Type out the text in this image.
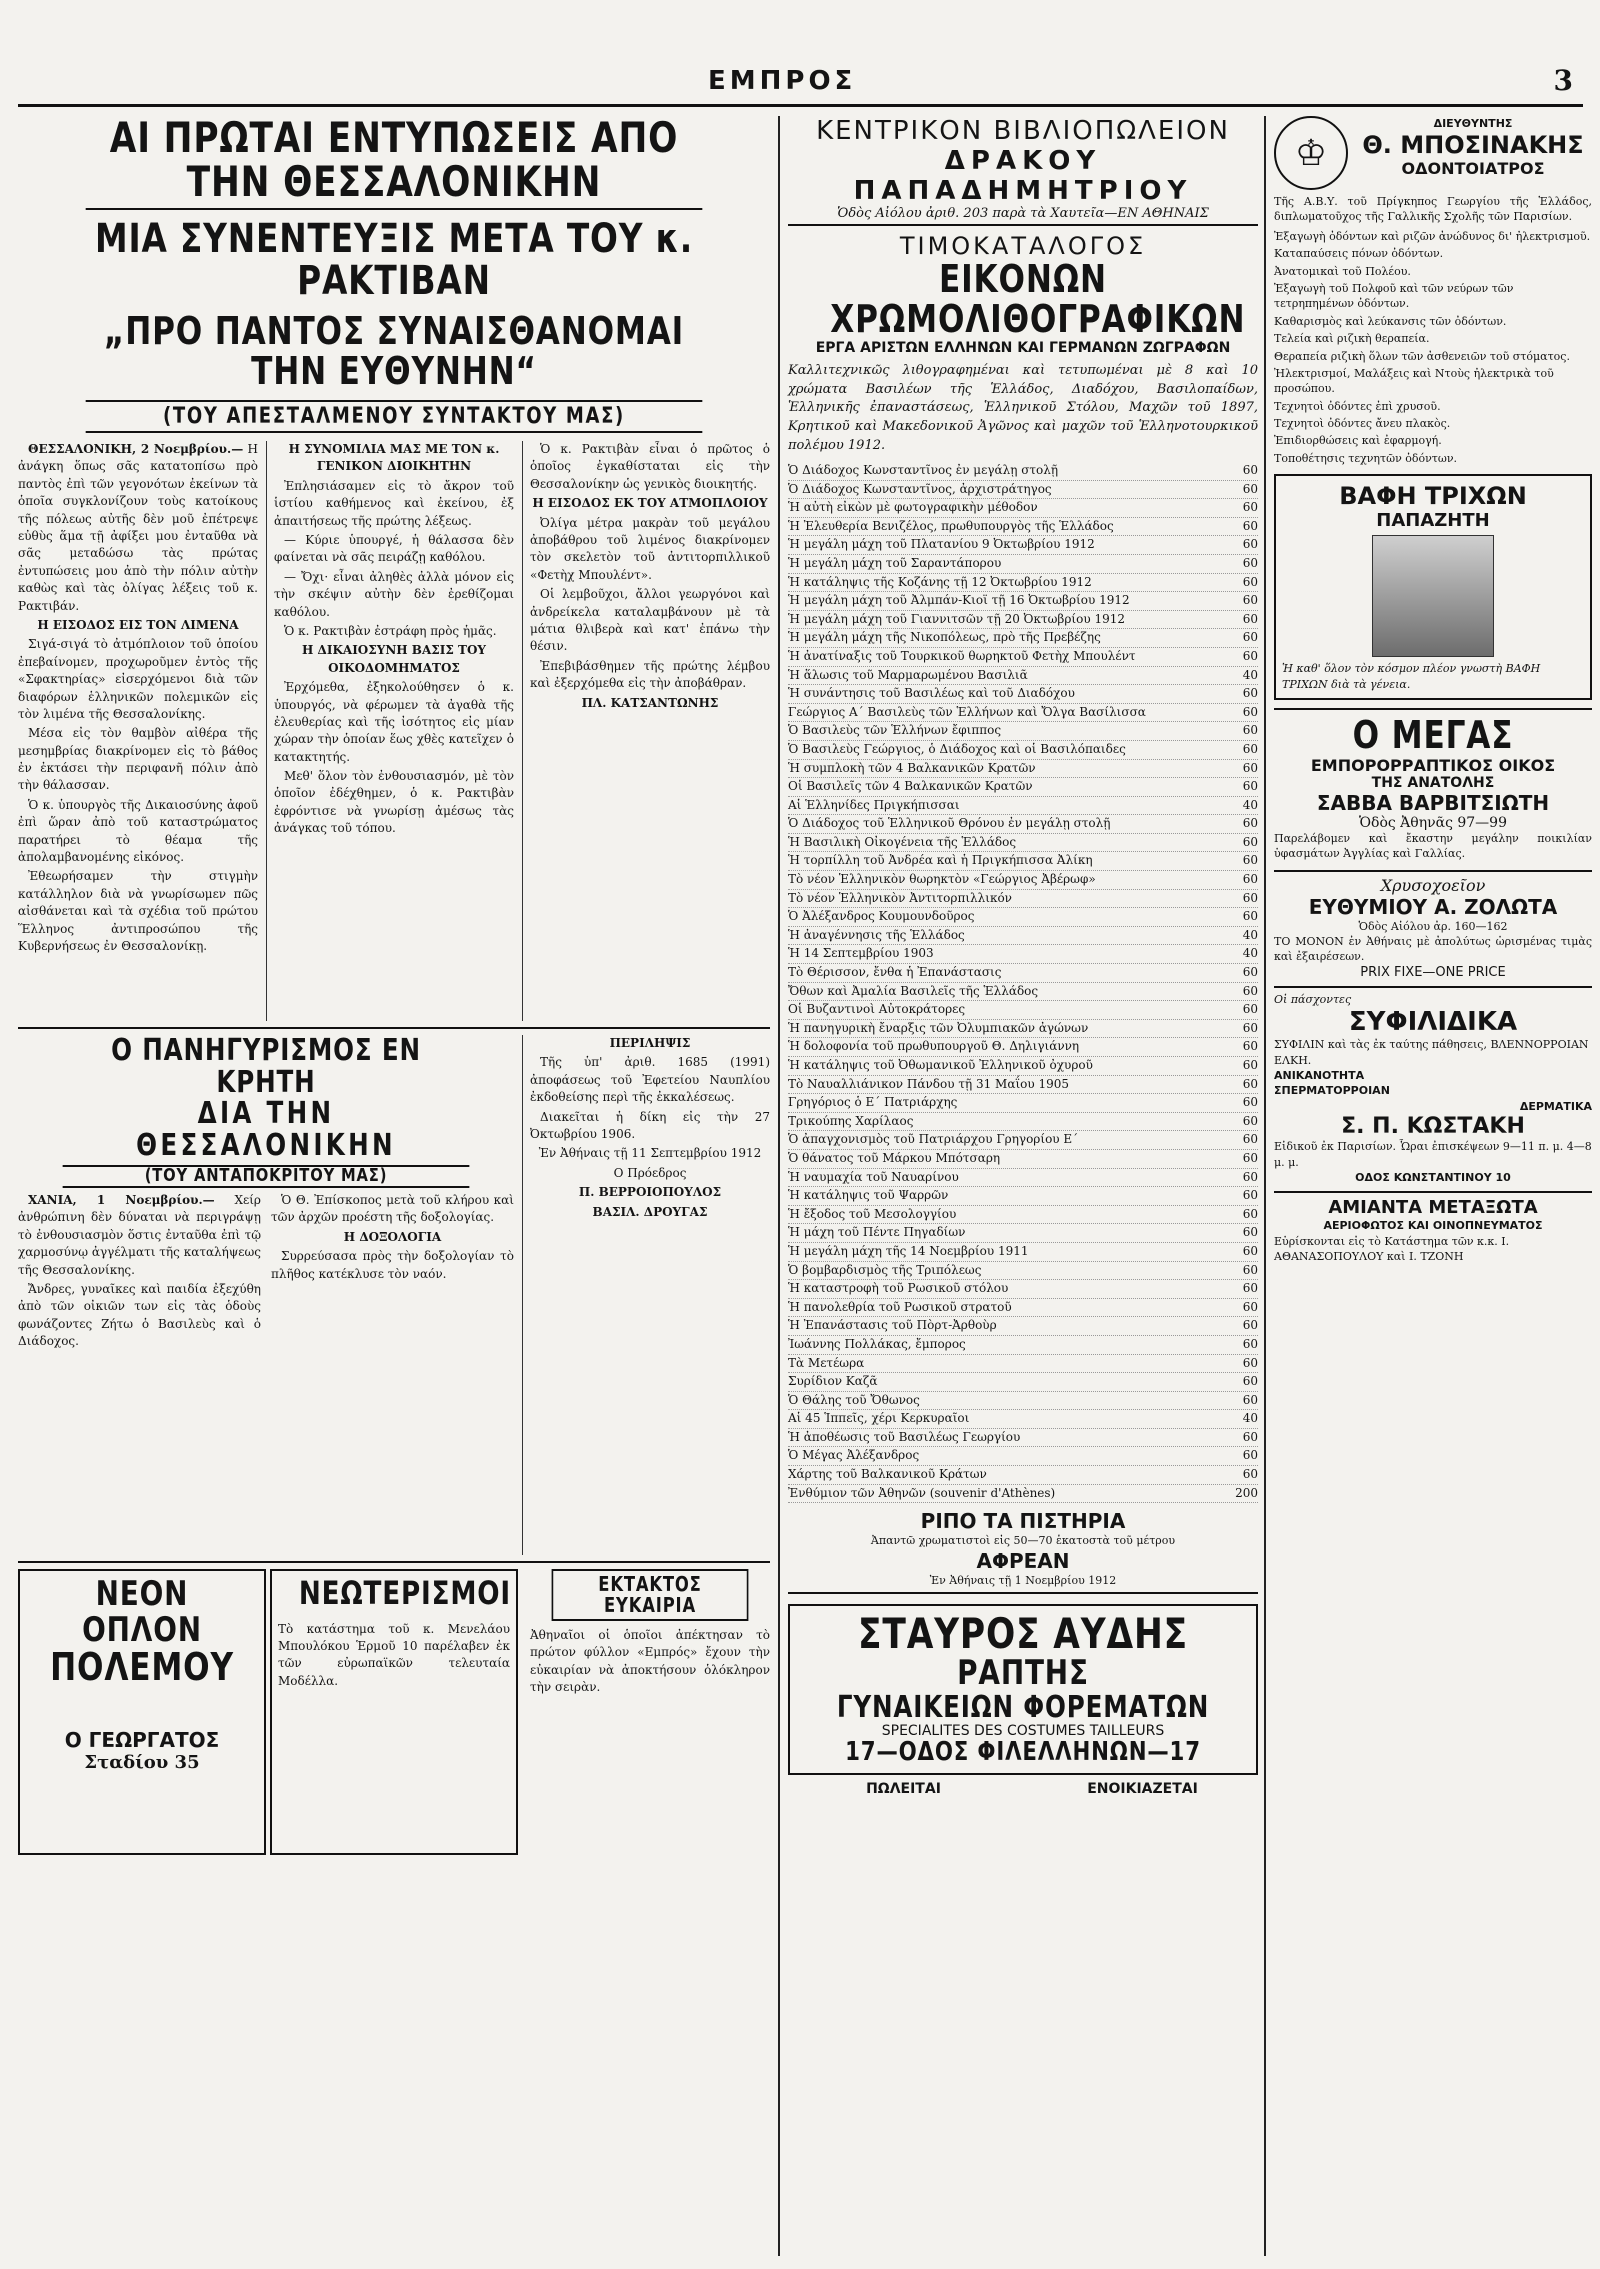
ΕΜΠΡΟΣ	3
ΑΙ ΠΡΩΤΑΙ ΕΝΤΥΠΩΣΕΙΣ ΑΠΟ ΤΗΝ ΘΕΣΣΑΛΟΝΙΚΗΝ
ΜΙΑ ΣΥΝΕΝΤΕΥΞΙΣ ΜΕΤΑ ΤΟΥ κ. ΡΑΚΤΙΒΑΝ
„ΠΡΟ ΠΑΝΤΟΣ ΣΥΝΑΙΣΘΑΝΟΜΑΙ ΤΗΝ ΕΥΘΥΝΗΝ“
(ΤΟΥ ΑΠΕΣΤΑΛΜΕΝΟΥ ΣΥΝΤΑΚΤΟΥ ΜΑΣ)

ΘΕΣΣΑΛΟΝΙΚΗ, 2 Νοεμβρίου.— Η ἀνάγκη ὅπως σᾶς κατατοπίσω πρὸ παντὸς ἐπὶ τῶν γεγονότων ἐκείνων τὰ ὁποῖα συγκλονίζουν τοὺς κατοίκους τῆς πόλεως αὐτῆς δὲν μοῦ ἐπέτρεψε εὐθὺς ἅμα τῇ ἀφίξει μου ἐνταῦθα νὰ σᾶς μεταδώσω τὰς πρώτας ἐντυπώσεις μου ἀπὸ τὴν πόλιν αὐτὴν καθὼς καὶ τὰς ὀλίγας λέξεις τοῦ κ. Ρακτιβάν.

Η ΕΙΣΟΔΟΣ ΕΙΣ ΤΟΝ ΛΙΜΕΝΑ

Σιγά-σιγά τὸ ἀτμόπλοιον τοῦ ὁποίου ἐπεβαίνομεν, προχωροῦμεν ἐντὸς τῆς «Σφακτηρίας» εἰσερχόμενοι διὰ τῶν διαφόρων ἑλληνικῶν πολεμικῶν εἰς τὸν λιμένα τῆς Θεσσαλονίκης.

Μέσα εἰς τὸν θαμβὸν αἰθέρα τῆς μεσημβρίας διακρίνομεν εἰς τὸ βάθος ἐν ἐκτάσει τὴν περιφανῆ πόλιν ἀπὸ τὴν θάλασσαν.

Ὁ κ. ὑπουργὸς τῆς Δικαιοσύνης ἀφοῦ ἐπὶ ὥραν ἀπὸ τοῦ καταστρώματος παρατήρει τὸ θέαμα τῆς ἀπολαμβανομένης εἰκόνος.

Ἐθεωρήσαμεν τὴν στιγμὴν κατάλληλον διὰ νὰ γνωρίσωμεν πῶς αἰσθάνεται καὶ τὰ σχέδια τοῦ πρώτου Ἕλληνος ἀντιπροσώπου τῆς Κυβερνήσεως ἐν Θεσσαλονίκῃ.

Η ΣΥΝΟΜΙΛΙΑ ΜΑΣ ΜΕ ΤΟΝ κ. ΓΕΝΙΚΟΝ ΔΙΟΙΚΗΤΗΝ

Ἐπλησιάσαμεν εἰς τὸ ἄκρον τοῦ ἱστίου καθήμενος καὶ ἐκείνου, ἐξ ἀπαιτήσεως τῆς πρώτης λέξεως.

— Κύριε ὑπουργέ, ἡ θάλασσα δὲν φαίνεται νὰ σᾶς πειράζῃ καθόλου.

— Ὄχι· εἶναι ἀληθὲς ἀλλὰ μόνον εἰς τὴν σκέψιν αὐτὴν δὲν ἐρεθίζομαι καθόλου.

Ὁ κ. Ρακτιβὰν ἐστράφη πρὸς ἡμᾶς.

Η ΔΙΚΑΙΟΣΥΝΗ ΒΑΣΙΣ ΤΟΥ ΟΙΚΟΔΟΜΗΜΑΤΟΣ

Ἐρχόμεθα, ἐξηκολούθησεν ὁ κ. ὑπουργός, νὰ φέρωμεν τὰ ἀγαθὰ τῆς ἐλευθερίας καὶ τῆς ἰσότητος εἰς μίαν χώραν τὴν ὁποίαν ἕως χθὲς κατεῖχεν ὁ κατακτητής.

Μεθ' ὅλον τὸν ἐνθουσιασμόν, μὲ τὸν ὁποῖον ἐδέχθημεν, ὁ κ. Ρακτιβὰν ἐφρόντισε νὰ γνωρίσῃ ἀμέσως τὰς ἀνάγκας τοῦ τόπου.

Ὁ κ. Ρακτιβὰν εἶναι ὁ πρῶτος ὁ ὁποῖος ἐγκαθίσταται εἰς τὴν Θεσσαλονίκην ὡς γενικὸς διοικητής.

Η ΕΙΣΟΔΟΣ ΕΚ ΤΟΥ ΑΤΜΟΠΛΟΙΟΥ

Ὀλίγα μέτρα μακρὰν τοῦ μεγάλου ἀποβάθρου τοῦ λιμένος διακρίνομεν τὸν σκελετὸν τοῦ ἀντιτορπιλλικοῦ «Φετὴχ Μπουλέντ».

Οἱ λεμβοῦχοι, ἄλλοι γεωργόνοι καὶ ἀνδρείκελα καταλαμβάνουν μὲ τὰ μάτια θλιβερὰ καὶ κατ' ἐπάνω τὴν θέσιν.

Ἐπεβιβάσθημεν τῆς πρώτης λέμβου καὶ ἐξερχόμεθα εἰς τὴν ἀποβάθραν.

ΠΛ. ΚΑΤΣΑΝΤΩΝΗΣ

Ο ΠΑΝΗΓΥΡΙΣΜΟΣ ΕΝ ΚΡΗΤΗ
ΔΙΑ ΤΗΝ ΘΕΣΣΑΛΟΝΙΚΗΝ
(ΤΟΥ ΑΝΤΑΠΟΚΡΙΤΟΥ ΜΑΣ)

ΧΑΝΙΑ, 1 Νοεμβρίου.— Χείρ ἀνθρώπινη δὲν δύναται νὰ περιγράψῃ τὸ ἐνθουσιασμὸν ὅστις ἐνταῦθα ἐπὶ τῷ χαρμοσύνῳ ἀγγέλματι τῆς καταλήψεως τῆς Θεσσαλονίκης.

Ἄνδρες, γυναῖκες καὶ παιδία ἐξεχύθη ἀπὸ τῶν οἰκιῶν των εἰς τὰς ὁδοὺς φωνάζοντες Ζήτω ὁ Βασιλεὺς καὶ ὁ Διάδοχος.

Ὁ Θ. Ἐπίσκοπος μετὰ τοῦ κλήρου καὶ τῶν ἀρχῶν προέστη τῆς δοξολογίας.

Η ΔΟΞΟΛΟΓΙΑ

Συρρεύσασα πρὸς τὴν δοξολογίαν τὸ πλῆθος κατέκλυσε τὸν ναόν.

ΠΕΡΙΛΗΨΙΣ

Τῆς ὑπ' ἀριθ. 1685 (1991) ἀποφάσεως τοῦ Ἐφετείου Ναυπλίου ἐκδοθείσης περὶ τῆς ἐκκαλέσεως.

Διακεῖται ἡ δίκη εἰς τὴν 27 Ὀκτωβρίου 1906.

Ἐν Ἀθήναις τῇ 11 Σεπτεμβρίου 1912

Ο Πρόεδρος

Π. ΒΕΡΡΟΙΟΠΟΥΛΟΣ

ΒΑΣΙΛ. ΔΡΟΥΓΑΣ

ΝΕΟΝ ΟΠΛΟΝ
ΠΟΛΕΜΟΥ
Ο ΓΕΩΡΓΑΤΟΣ
Σταδίου 35
ΝΕΩΤΕΡΙΣΜΟΙ
Τὸ κατάστημα τοῦ κ. Μενελάου Μπουλόκου Ἑρμοῦ 10 παρέλαβεν ἐκ τῶν εὐρωπαϊκῶν τελευταία Μοδέλλα.
ΕΚΤΑΚΤΟΣ ΕΥΚΑΙΡΙΑ
Ἀθηναῖοι οἱ ὁποῖοι ἀπέκτησαν τὸ πρώτον φύλλον «Εμπρός» ἔχουν τὴν εὐκαιρίαν νὰ ἀποκτήσουν ὁλόκληρον τὴν σειρὰν.
ΚΕΝΤΡΙΚΟΝ ΒΙΒΛΙΟΠΩΛΕΙΟΝ
ΔΡΑΚΟΥ ΠΑΠΑΔΗΜΗΤΡΙΟΥ
Ὁδὸς Αἰόλου ἀριθ. 203 παρὰ τὰ Χαυτεῖα—ΕΝ ΑΘΗΝΑΙΣ
ΤΙΜΟΚΑΤΑΛΟΓΟΣ
ΕΙΚΟΝΩΝ ΧΡΩΜΟΛΙΘΟΓΡΑΦΙΚΩΝ
ΕΡΓΑ ΑΡΙΣΤΩΝ ΕΛΛΗΝΩΝ ΚΑΙ ΓΕΡΜΑΝΩΝ ΖΩΓΡΑΦΩΝ
Καλλιτεχνικῶς λιθογραφημέναι καὶ τετυπωμέναι μὲ 8 καὶ 10 χρώματα Βασιλέων τῆς Ἑλλάδος, Διαδόχου, Βασιλοπαίδων, Ἑλληνικῆς ἐπαναστάσεως, Ἑλληνικοῦ Στόλου, Μαχῶν τοῦ 1897, Κρητικοῦ καὶ Μακεδονικοῦ Ἀγῶνος καὶ μαχῶν τοῦ Ἑλληνοτουρκικοῦ πολέμου 1912.
Ὁ Διάδοχος Κωνσταντῖνος ἐν μεγάλῃ στολῇ	60
Ὁ Διάδοχος Κωνσταντῖνος, ἀρχιστράτηγος	60
Ἡ αὐτὴ εἰκὼν μὲ φωτογραφικὴν μέθοδον	60
Ἡ Ἐλευθερία Βενιζέλος, πρωθυπουργὸς τῆς Ἑλλάδος	60
Ἡ μεγάλη μάχη τοῦ Πλατανίου 9 Ὀκτωβρίου 1912	60
Ἡ μεγάλη μάχη τοῦ Σαραντάπορου	60
Ἡ κατάληψις τῆς Κοζάνης τῇ 12 Ὀκτωβρίου 1912	60
Ἡ μεγάλη μάχη τοῦ Ἀλμπάν-Κιοϊ τῇ 16 Ὀκτωβρίου 1912	60
Ἡ μεγάλη μάχη τοῦ Γιαννιτσῶν τῇ 20 Ὀκτωβρίου 1912	60
Ἡ μεγάλη μάχη τῆς Νικοπόλεως, πρὸ τῆς Πρεβέζης	60
Ἡ ἀνατίναξις τοῦ Τουρκικοῦ θωρηκτοῦ Φετὴχ Μπουλέντ	60
Ἡ ἅλωσις τοῦ Μαρμαρωμένου Βασιλιᾶ	40
Ἡ συνάντησις τοῦ Βασιλέως καὶ τοῦ Διαδόχου	60
Γεώργιος Α΄ Βασιλεὺς τῶν Ἑλλήνων καὶ Ὄλγα Βασίλισσα	60
Ὁ Βασιλεὺς τῶν Ἑλλήνων ἔφιππος	60
Ὁ Βασιλεὺς Γεώργιος, ὁ Διάδοχος καὶ οἱ Βασιλόπαιδες	60
Ἡ συμπλοκὴ τῶν 4 Βαλκανικῶν Κρατῶν	60
Οἱ Βασιλεῖς τῶν 4 Βαλκανικῶν Κρατῶν	60
Αἱ Ἑλληνίδες Πριγκήπισσαι	40
Ὁ Διάδοχος τοῦ Ἑλληνικοῦ Θρόνου ἐν μεγάλῃ στολῇ	60
Ἡ Βασιλικὴ Οἰκογένεια τῆς Ἑλλάδος	60
Ἡ τορπίλλη τοῦ Ἀνδρέα καὶ ἡ Πριγκήπισσα Ἀλίκη	60
Τὸ νέον Ἑλληνικὸν θωρηκτὸν «Γεώργιος Ἀβέρωφ»	60
Τὸ νέον Ἑλληνικὸν Ἀντιτορπιλλικόν	60
Ὁ Ἀλέξανδρος Κουμουνδοῦρος	60
Ἡ ἀναγέννησις τῆς Ἑλλάδος	40
Ἡ 14 Σεπτεμβρίου 1903	40
Τὸ Θέρισσον, ἔνθα ἡ Ἐπανάστασις	60
Ὄθων καὶ Ἀμαλία Βασιλεῖς τῆς Ἑλλάδος	60
Οἱ Βυζαντινοὶ Αὐτοκράτορες	60
Ἡ πανηγυρικὴ ἔναρξις τῶν Ὀλυμπιακῶν ἀγώνων	60
Ἡ δολοφονία τοῦ πρωθυπουργοῦ Θ. Δηλιγιάννη	60
Ἡ κατάληψις τοῦ Ὀθωμανικοῦ Ἐλληνικοῦ ὀχυροῦ	60
Τὸ Ναυαλλιάνικον Πάνδου τῇ 31 Μαΐου 1905	60
Γρηγόριος ὁ Ε΄ Πατριάρχης	60
Τρικούπης Χαρίλαος	60
Ὁ ἀπαγχονισμὸς τοῦ Πατριάρχου Γρηγορίου Ε΄	60
Ὁ θάνατος τοῦ Μάρκου Μπότσαρη	60
Ἡ ναυμαχία τοῦ Ναυαρίνου	60
Ἡ κατάληψις τοῦ Ψαρρῶν	60
Ἡ ἔξοδος τοῦ Μεσολογγίου	60
Ἡ μάχη τοῦ Πέντε Πηγαδίων	60
Ἡ μεγάλη μάχη τῆς 14 Νοεμβρίου 1911	60
Ὁ βομβαρδισμὸς τῆς Τριπόλεως	60
Ἡ καταστροφὴ τοῦ Ρωσικοῦ στόλου	60
Ἡ πανολεθρία τοῦ Ρωσικοῦ στρατοῦ	60
Ἡ Ἐπανάστασις τοῦ Πὸρτ-Ἀρθοὺρ	60
Ἰωάννης Πολλάκας, ἔμπορος	60
Τὰ Μετέωρα	60
Συρίδιον Καζᾶ	60
Ὁ Θάλης τοῦ Ὄθωνος	60
Αἱ 45 Ἱππεῖς, χέρι Κερκυραῖοι	40
Ἡ ἀποθέωσις τοῦ Βασιλέως Γεωργίου	60
Ὁ Μέγας Ἀλέξανδρος	60
Χάρτης τοῦ Βαλκανικοῦ Κράτων	60
Ἐνθύμιον τῶν Ἀθηνῶν (souvenir d'Athènes)	200
ΡΙΠΟ ΤΑ ΠΙΣΤΗΡΙΑ
Ἀπαντῶ χρωματιστοὶ εἰς 50—70 ἑκατοστὰ τοῦ μέτρου
ΑΦΡΕΑΝ
Ἐν Ἀθήναις τῇ 1 Νοεμβρίου 1912
ΣΤΑΥΡΟΣ ΑΥΔΗΣ
ΡΑΠΤΗΣ
ΓΥΝΑΙΚΕΙΩΝ ΦΟΡΕΜΑΤΩΝ
SPECIALITES DES COSTUMES TAILLEURS
17—ΟΔΟΣ ΦΙΛΕΛΛΗΝΩΝ—17
ΠΩΛΕΙΤΑΙ	ΕΝΟΙΚΙΑΖΕΤΑΙ
♔
ΔΙΕΥΘΥΝΤΗΣ
Θ. ΜΠΟΣΙΝΑΚΗΣ
ΟΔΟΝΤΟΙΑΤΡΟΣ
Τῆς Α.Β.Υ. τοῦ Πρίγκηπος Γεωργίου τῆς Ἑλλάδος, διπλωματοῦχος τῆς Γαλλικῆς Σχολῆς τῶν Παρισίων.
Ἐξαγωγὴ ὀδόντων καὶ ριζῶν ἀνώδυνος δι' ἠλεκτρισμοῦ.
Καταπαύσεις πόνων ὀδόντων.
Ἀνατομικαὶ τοῦ Πολέου.
Ἐξαγωγὴ τοῦ Πολφοῦ καὶ τῶν νεύρων τῶν τετρηπημένων ὀδόντων.
Καθαρισμὸς καὶ λεύκανσις τῶν ὀδόντων.
Τελεία καὶ ριζικὴ θεραπεία.
Θεραπεία ριζικὴ ὅλων τῶν ἀσθενειῶν τοῦ στόματος.
Ἠλεκτρισμοί, Μαλάξεις καὶ Ντοὺς ἠλεκτρικὰ τοῦ προσώπου.
Τεχνητοὶ ὀδόντες ἐπὶ χρυσοῦ.
Τεχνητοὶ ὀδόντες ἄνευ πλακὸς.
Ἐπιδιορθώσεις καὶ ἐφαρμογή.
Τοποθέτησις τεχνητῶν ὀδόντων.
ΒΑΦΗ ΤΡΙΧΩΝ
ΠΑΠΑΖΗΤΗ
Ἡ καθ' ὅλον τὸν κόσμον πλέον γνωστὴ ΒΑΦΗ ΤΡΙΧΩΝ διὰ τὰ γένεια.
Ο ΜΕΓΑΣ
ΕΜΠΟΡΟΡΡΑΠΤΙΚΟΣ ΟΙΚΟΣ
ΤΗΣ ΑΝΑΤΟΛΗΣ
ΣΑΒΒΑ ΒΑΡΒΙΤΣΙΩΤΗ
Ὁδὸς Ἀθηνᾶς 97—99
Παρελάβομεν καὶ ἔκαστην μεγάλην ποικιλίαν ὑφασμάτων Ἀγγλίας καὶ Γαλλίας.
Χρυσοχοεῖον
ΕΥΘΥΜΙΟΥ Α. ΖΟΛΩΤΑ
Ὁδὸς Αἰόλου ἀρ. 160—162
ΤΟ ΜΟΝΟΝ ἐν Ἀθήναις μὲ ἀπολύτως ὡρισμένας τιμὰς καὶ ἐξαιρέσεων.
PRIX FIXE—ONE PRICE
Οἱ πάσχοντες
ΣΥΦΙΛΙΔΙΚΑ
ΣΥΦΙΛΙΝ καὶ τὰς ἐκ ταύτης πάθησεις, ΒΛΕΝΝΟΡΡΟΙΑΝ ΕΛΚΗ.
ΑΝΙΚΑΝΟΤΗΤΑ
ΣΠΕΡΜΑΤΟΡΡΟΙΑΝ
ΔΕΡΜΑΤΙΚΑ
Σ. Π. ΚΩΣΤΑΚΗ
Εἰδικοῦ ἐκ Παρισίων. Ὧραι ἐπισκέψεων 9—11 π. μ. 4—8 μ. μ.
ΟΔΟΣ ΚΩΝΣΤΑΝΤΙΝΟΥ 10
ΑΜΙΑΝΤΑ ΜΕΤΑΞΩΤΑ
ΑΕΡΙΟΦΩΤΟΣ ΚΑΙ ΟΙΝΟΠΝΕΥΜΑΤΟΣ
Εὑρίσκονται εἰς τὸ Κατάστημα τῶν κ.κ. Ι. ΑΘΑΝΑΣΟΠΟΥΛΟΥ καὶ Ι. ΤΖΟΝΗ
